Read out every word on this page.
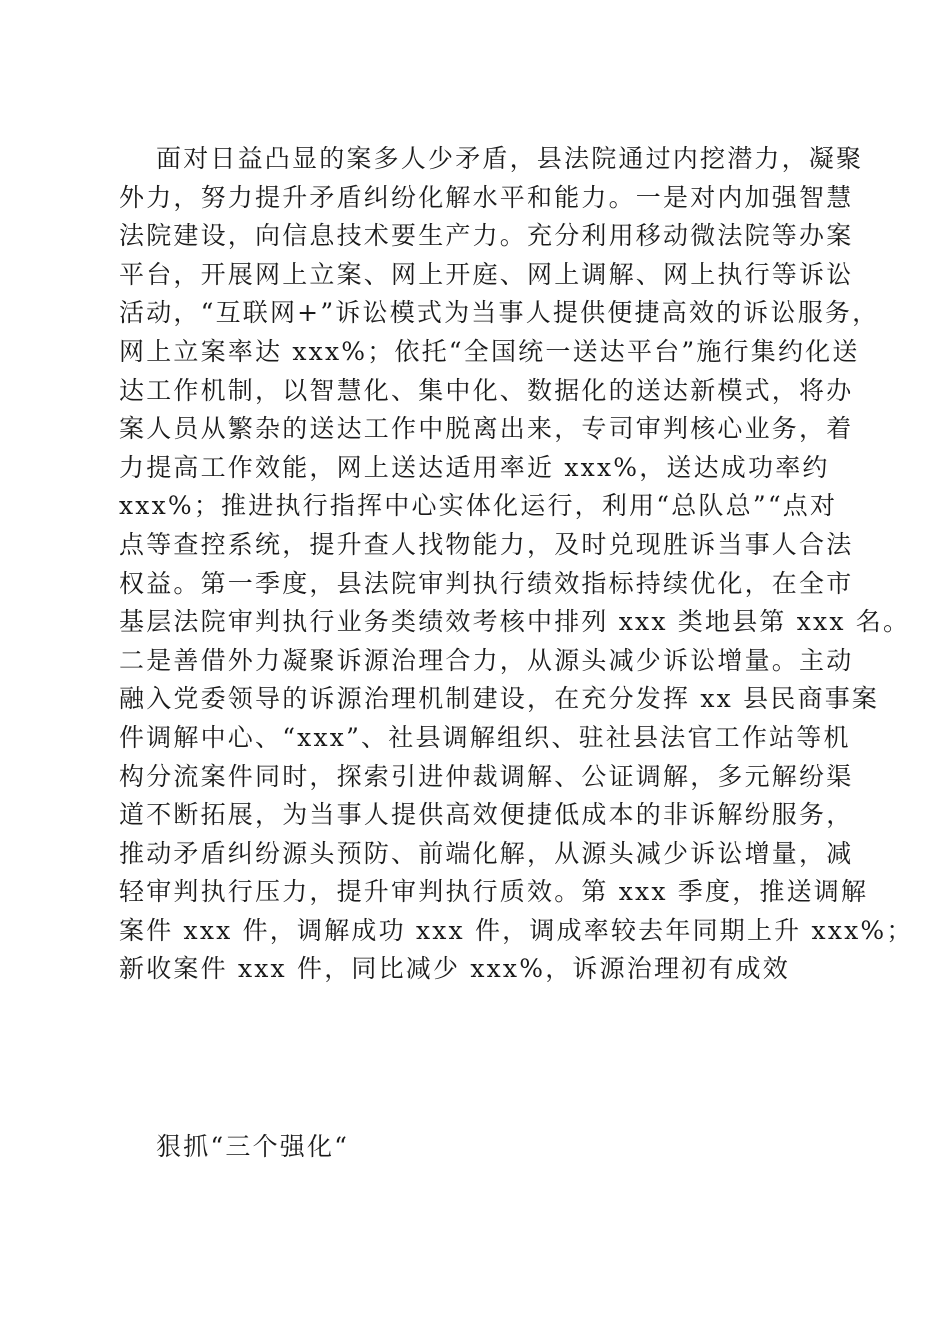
面对日益凸显的案多人少矛盾，县法院通过内挖潜力，凝聚
外力，努力提升矛盾纠纷化解水平和能力。一是对内加强智慧
法院建设，向信息技术要生产力。充分利用移动微法院等办案
平台，开展网上立案、网上开庭、网上调解、网上执行等诉讼
活动，“互联网+”诉讼模式为当事人提供便捷高效的诉讼服务，
网上立案率达 xxx%；依托“全国统一送达平台”施行集约化送
达工作机制，以智慧化、集中化、数据化的送达新模式，将办
案人员从繁杂的送达工作中脱离出来，专司审判核心业务，着
力提高工作效能，网上送达适用率近 xxx%，送达成功率约
xxx%；推进执行指挥中心实体化运行，利用“总队总”“点对
点等查控系统，提升查人找物能力，及时兑现胜诉当事人合法
权益。第一季度，县法院审判执行绩效指标持续优化，在全市
基层法院审判执行业务类绩效考核中排列 xxx 类地县第 xxx 名。
二是善借外力凝聚诉源治理合力，从源头减少诉讼增量。主动
融入党委领导的诉源治理机制建设，在充分发挥 xx 县民商事案
件调解中心、“xxx”、社县调解组织、驻社县法官工作站等机
构分流案件同时，探索引进仲裁调解、公证调解，多元解纷渠
道不断拓展，为当事人提供高效便捷低成本的非诉解纷服务，
推动矛盾纠纷源头预防、前端化解，从源头减少诉讼增量，减
轻审判执行压力，提升审判执行质效。第 xxx 季度，推送调解
案件 xxx 件，调解成功 xxx 件，调成率较去年同期上升 xxx%；
新收案件 xxx 件，同比减少 xxx%，诉源治理初有成效
狠抓“三个强化“
